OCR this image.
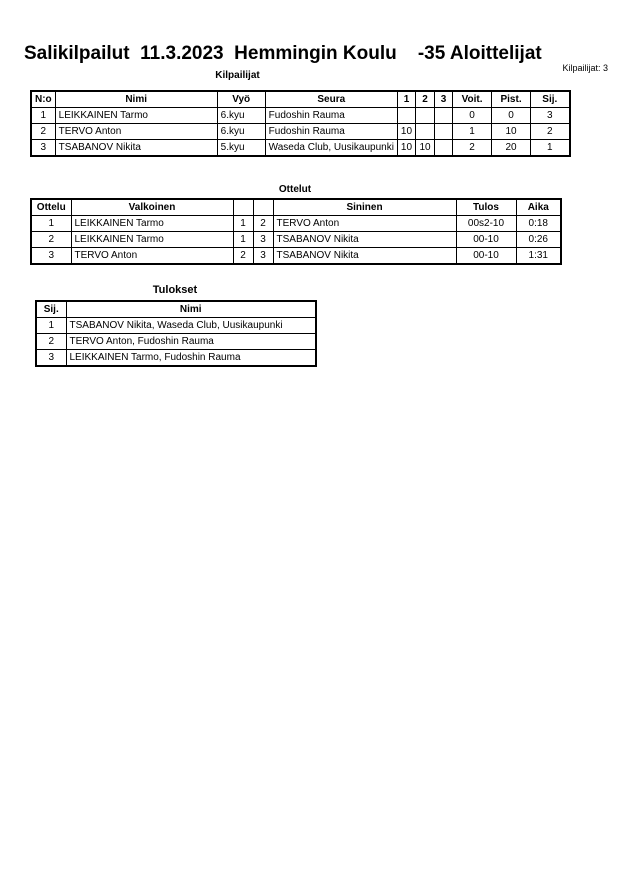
Salikilpailut  11.3.2023  Hemmingin Koulu    -35 Aloittelijat
Kilpailijat: 3
Kilpailijat
N:o	Nimi	Vyö	Seura	1	2	3	Voit.	Pist.	Sij.
1	LEIKKAINEN Tarmo	6.kyu	Fudoshin Rauma				0	0	3
2	TERVO Anton	6.kyu	Fudoshin Rauma	10			1	10	2
3	TSABANOV Nikita	5.kyu	Waseda Club, Uusikaupunki	10	10		2	20	1
Ottelut
Ottelu	Valkoinen			Sininen	Tulos	Aika
1	LEIKKAINEN Tarmo	1	2	TERVO Anton	00s2-10	0:18
2	LEIKKAINEN Tarmo	1	3	TSABANOV Nikita	00-10	0:26
3	TERVO Anton	2	3	TSABANOV Nikita	00-10	1:31
Tulokset
Sij.	Nimi
1	TSABANOV Nikita, Waseda Club, Uusikaupunki
2	TERVO Anton, Fudoshin Rauma
3	LEIKKAINEN Tarmo, Fudoshin Rauma
